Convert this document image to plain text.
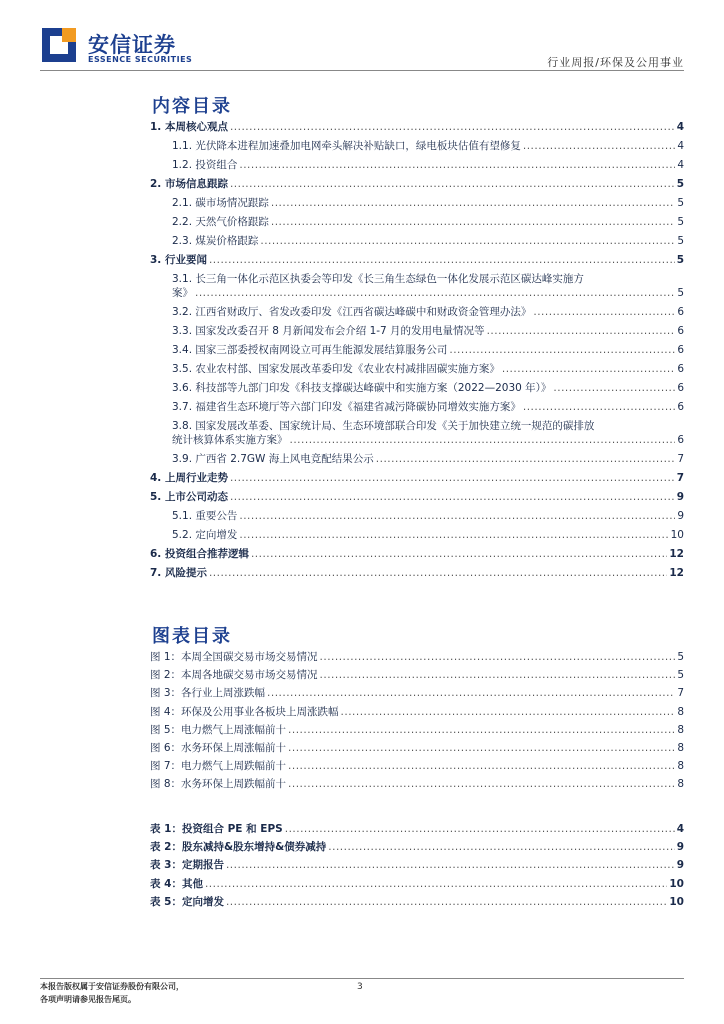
安信证券
ESSENCE SECURITIES	行业周报/环保及公用事业
内容目录
1. 本周核心观点 .....	4
1.1. 光伏降本进程加速叠加电网牵头解决补贴缺口，绿电板块估值有望修复 .....	4
1.2. 投资组合 .....	4
2. 市场信息跟踪 .....	5
2.1. 碳市场情况跟踪 .....	5
2.2. 天然气价格跟踪 .....	5
2.3. 煤炭价格跟踪 .....	5
3. 行业要闻 .....	5
3.1. 长三角一体化示范区执委会等印发《长三角生态绿色一体化发展示范区碳达峰实施方
案》 .....	5
3.2. 江西省财政厅、省发改委印发《江西省碳达峰碳中和财政资金管理办法》 .....	6
3.3. 国家发改委召开 8 月新闻发布会介绍 1-7 月的发用电量情况等 .....	6
3.4. 国家三部委授权南网设立可再生能源发展结算服务公司 .....	6
3.5. 农业农村部、国家发展改革委印发《农业农村减排固碳实施方案》 .....	6
3.6. 科技部等九部门印发《科技支撑碳达峰碳中和实施方案（2022—2030 年）》 .....	6
3.7. 福建省生态环境厅等六部门印发《福建省减污降碳协同增效实施方案》 .....	6
3.8. 国家发展改革委、国家统计局、生态环境部联合印发《关于加快建立统一规范的碳排放
统计核算体系实施方案》 .....	6
3.9. 广西省 2.7GW 海上风电竞配结果公示 .....	7
4. 上周行业走势 .....	7
5. 上市公司动态 .....	9
5.1. 重要公告 .....	9
5.2. 定向增发 .....	10
6. 投资组合推荐逻辑 .....	12
7. 风险提示 .....	12
图表目录
图 1：本周全国碳交易市场交易情况 .....	5
图 2：本周各地碳交易市场交易情况 .....	5
图 3：各行业上周涨跌幅 .....	7
图 4：环保及公用事业各板块上周涨跌幅 .....	8
图 5：电力燃气上周涨幅前十 .....	8
图 6：水务环保上周涨幅前十 .....	8
图 7：电力燃气上周跌幅前十 .....	8
图 8：水务环保上周跌幅前十 .....	8
表 1：投资组合 PE 和 EPS .....	4
表 2：股东减持&股东增持&债券减持 .....	9
表 3：定期报告 .....	9
表 4：其他 .....	10
表 5：定向增发 .....	10
本报告版权属于安信证券股份有限公司，
各项声明请参见报告尾页。
3
